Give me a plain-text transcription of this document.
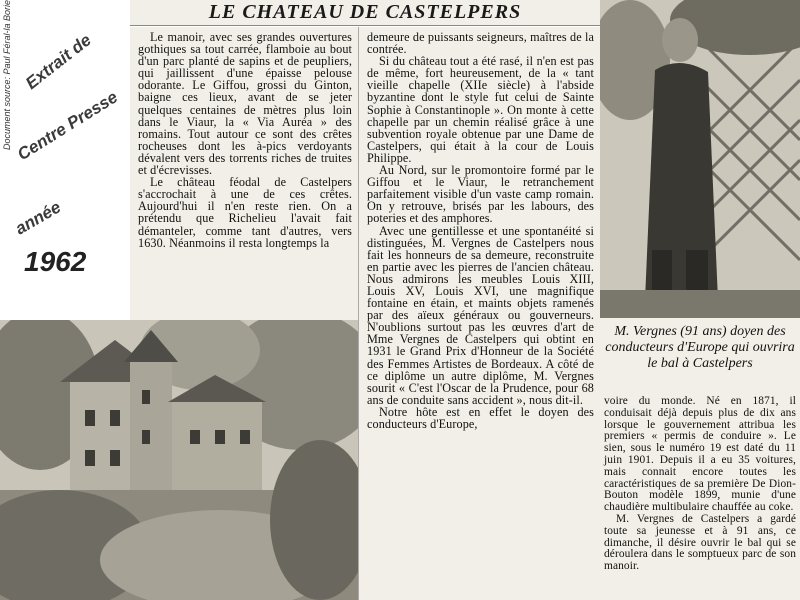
Document source: Paul Féral-la Borie Extrait de
Centre Presse
année
1962
LE CHATEAU DE CASTELPERS

Le manoir, avec ses grandes ouvertures gothiques sa tout carrée, flamboie au bout d'un parc planté de sapins et de peupliers, qui jaillissent d'une épaisse pelouse odorante. Le Giffou, grossi du Ginton, baigne ces lieux, avant de se jeter quelques centaines de mètres plus loin dans le Viaur, la « Via Auréa » des romains. Tout autour ce sont des crêtes rocheuses dont les à-pics verdoyants dévalent vers des torrents riches de truites et d'écrevisses.

Le château féodal de Castelpers s'accrochait à une de ces crêtes. Aujourd'hui il n'en reste rien. On a prétendu que Richelieu l'avait fait démanteler, comme tant d'autres, vers 1630. Néanmoins il resta longtemps la

demeure de puissants seigneurs, maîtres de la contrée.

Si du château tout a été rasé, il n'en est pas de même, fort heureusement, de la « tant vieille chapelle (XIIe siècle) à l'abside byzantine dont le style fut celui de Sainte Sophie à Constantinople ». On monte à cette chapelle par un chemin réalisé grâce à une subvention royale obtenue par une Dame de Castelpers, qui était à la cour de Louis Philippe.

Au Nord, sur le promontoire formé par le Giffou et le Viaur, le retranchement parfaitement visible d'un vaste camp romain. On y retrouve, brisés par les labours, des poteries et des amphores.

Avec une gentillesse et une spontanéité si distinguées, M. Vergnes de Castelpers nous fait les honneurs de sa demeure, reconstruite en partie avec les pierres de l'ancien château. Nous admirons les meubles Louis XIII, Louis XV, Louis XVI, une magnifique fontaine en étain, et maints objets ramenés par des aïeux généraux ou gouverneurs. N'oublions surtout pas les œuvres d'art de Mme Vergnes de Castelpers qui obtint en 1931 le Grand Prix d'Honneur de la Société des Femmes Artistes de Bordeaux. A côté de ce diplôme un autre diplôme, M. Vergnes sourit « C'est l'Oscar de la Prudence, pour 68 ans de conduite sans accident », nous dit-il.

Notre hôte est en effet le doyen des conducteurs d'Europe,

M. Vergnes (91 ans) doyen des conducteurs d'Europe qui ouvrira le bal à Castelpers

voire du monde. Né en 1871, il conduisait déjà depuis plus de dix ans lorsque le gouvernement attribua les premiers « permis de conduire ». Le sien, sous le numéro 19 est daté du 11 juin 1901. Depuis il a eu 35 voitures, mais connait encore toutes les caractéristiques de sa première De Dion-Bouton modèle 1899, munie d'une chaudière multibulaire chauffée au coke.

M. Vergnes de Castelpers a gardé toute sa jeunesse et à 91 ans, ce dimanche, il désire ouvrir le bal qui se déroulera dans le somptueux parc de son manoir.
